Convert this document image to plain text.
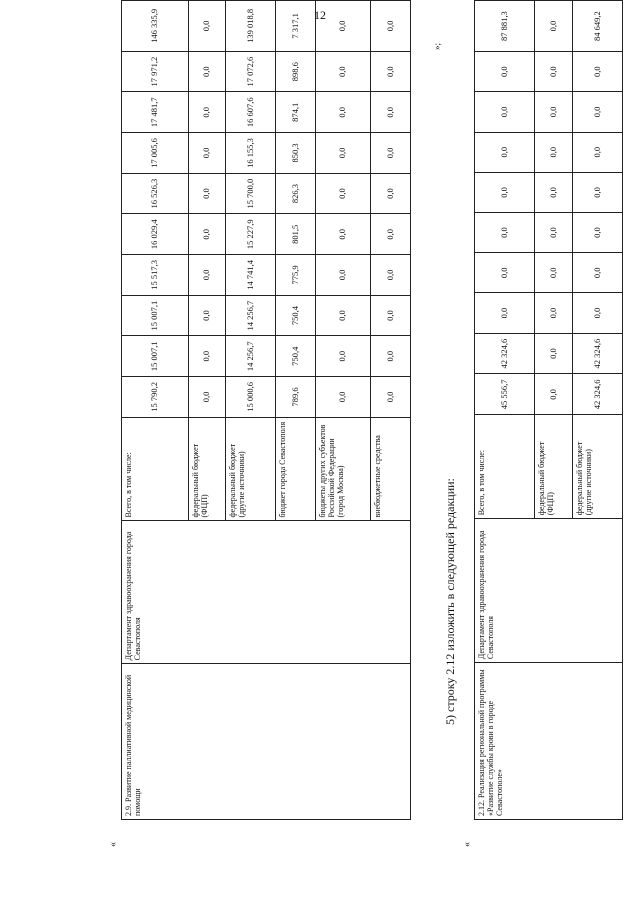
12
«
2.9. Развитие паллиативной медицинской помощи	Департамент здравоохранения города Севастополя	Всего, в том числе:	15 790,2	15 007,1	15 007,1	15 517,3	16 029,4	16 526,3	17 005,6	17 481,7	17 971,2	146 335,9
		федеральный бюджет (ФЦП)	0,0	0,0	0,0	0,0	0,0	0,0	0,0	0,0	0,0	0,0
		федеральный бюджет (другие источники)	15 000,6	14 256,7	14 256,7	14 741,4	15 227,9	15 700,0	16 155,3	16 607,6	17 072,6	139 018,8
		бюджет города Севастополя	789,6	750,4	750,4	775,9	801,5	826,3	850,3	874,1	898,6	7 317,1
		бюджеты других субъектов Российской Федерации (город Москва)	0,0	0,0	0,0	0,0	0,0	0,0	0,0	0,0	0,0	0,0
		внебюджетные средства	0,0	0,0	0,0	0,0	0,0	0,0	0,0	0,0	0,0	0,0
»;
5) строку 2.12 изложить в следующей редакции:
«
2.12. Реализация региональной программы «Развитие службы крови в городе Севастополе»	Департамент здравоохранения города Севастополя	Всего, в том числе:	45 556,7	42 324,6	0,0	0,0	0,0	0,0	0,0	0,0	0,0	87 881,3
		федеральный бюджет (ФЦП)	0,0	0,0	0,0	0,0	0,0	0,0	0,0	0,0	0,0	0,0
		федеральный бюджет (другие источники)	42 324,6	42 324,6	0,0	0,0	0,0	0,0	0,0	0,0	0,0	84 649,2
